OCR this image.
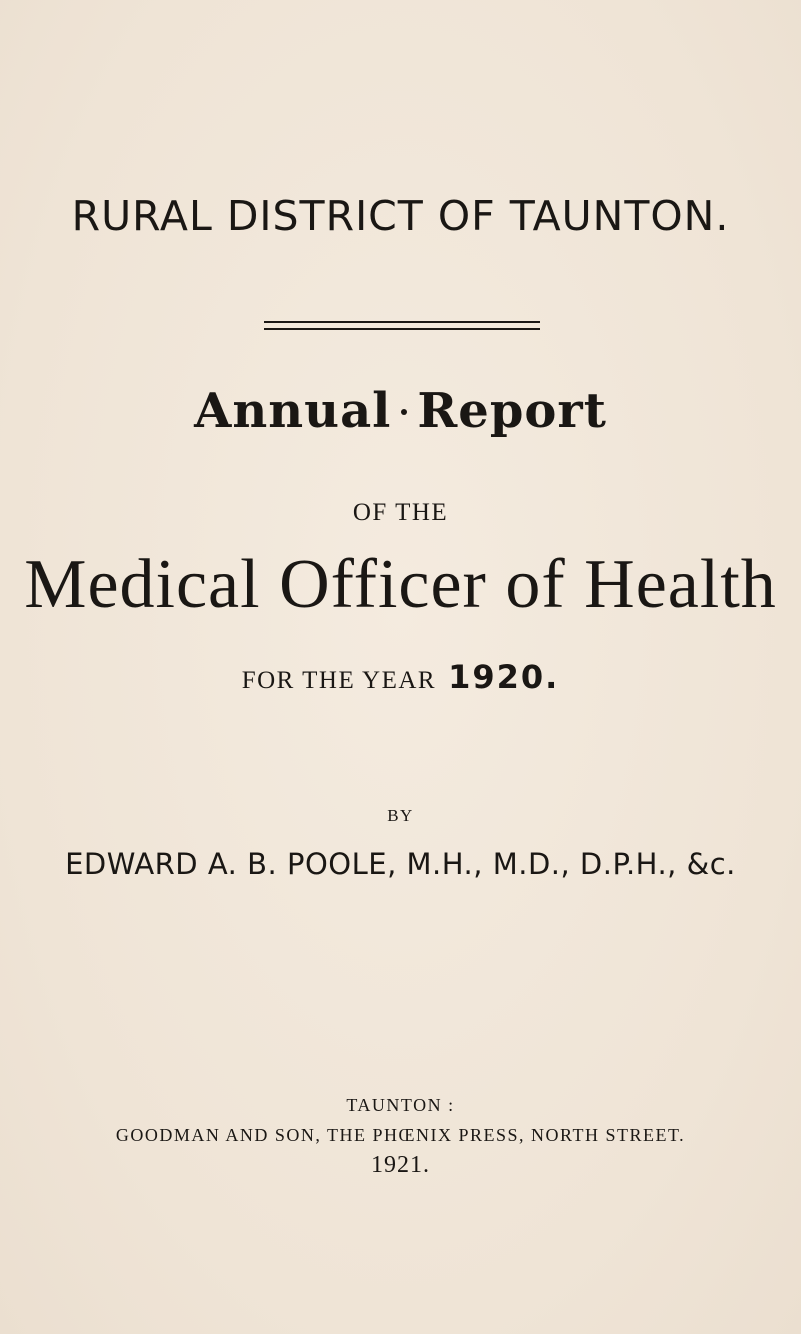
RURAL DISTRICT OF TAUNTON.
Annual Report
OF THE
Medical Officer of Health
FOR THE YEAR 1920.
BY
EDWARD A. B. POOLE, M.H., M.D., D.P.H., &c.
TAUNTON :
GOODMAN AND SON, THE PHŒNIX PRESS, NORTH STREET.
1921.
